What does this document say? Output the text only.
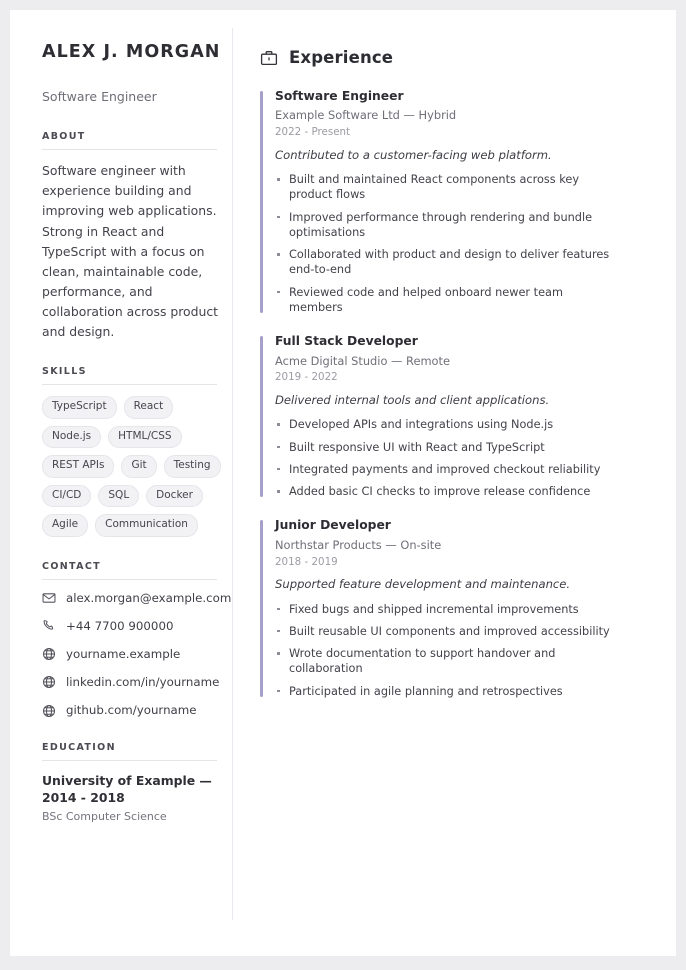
ALEX J. MORGAN
Software Engineer
ABOUT

Software engineer with experience building and improving web applications. Strong in React and TypeScript with a focus on clean, maintainable code, performance, and collaboration across product and design.

SKILLS
TypeScript	React
Node.js	HTML/CSS
REST APIs	Git	Testing
CI/CD	SQL	Docker
Agile	Communication
CONTACT
alex.morgan@example.com
+44 7700 900000
yourname.example
linkedin.com/in/yourname
github.com/yourname
EDUCATION
University of Example — 2014 - 2018
BSc Computer Science
Experience
Software Engineer
Example Software Ltd — Hybrid
2022 - Present
Contributed to a customer-facing web platform.
Built and maintained React components across key product flows
Improved performance through rendering and bundle optimisations
Collaborated with product and design to deliver features end-to-end
Reviewed code and helped onboard newer team members
Full Stack Developer
Acme Digital Studio — Remote
2019 - 2022
Delivered internal tools and client applications.
Developed APIs and integrations using Node.js
Built responsive UI with React and TypeScript
Integrated payments and improved checkout reliability
Added basic CI checks to improve release confidence
Junior Developer
Northstar Products — On-site
2018 - 2019
Supported feature development and maintenance.
Fixed bugs and shipped incremental improvements
Built reusable UI components and improved accessibility
Wrote documentation to support handover and collaboration
Participated in agile planning and retrospectives
